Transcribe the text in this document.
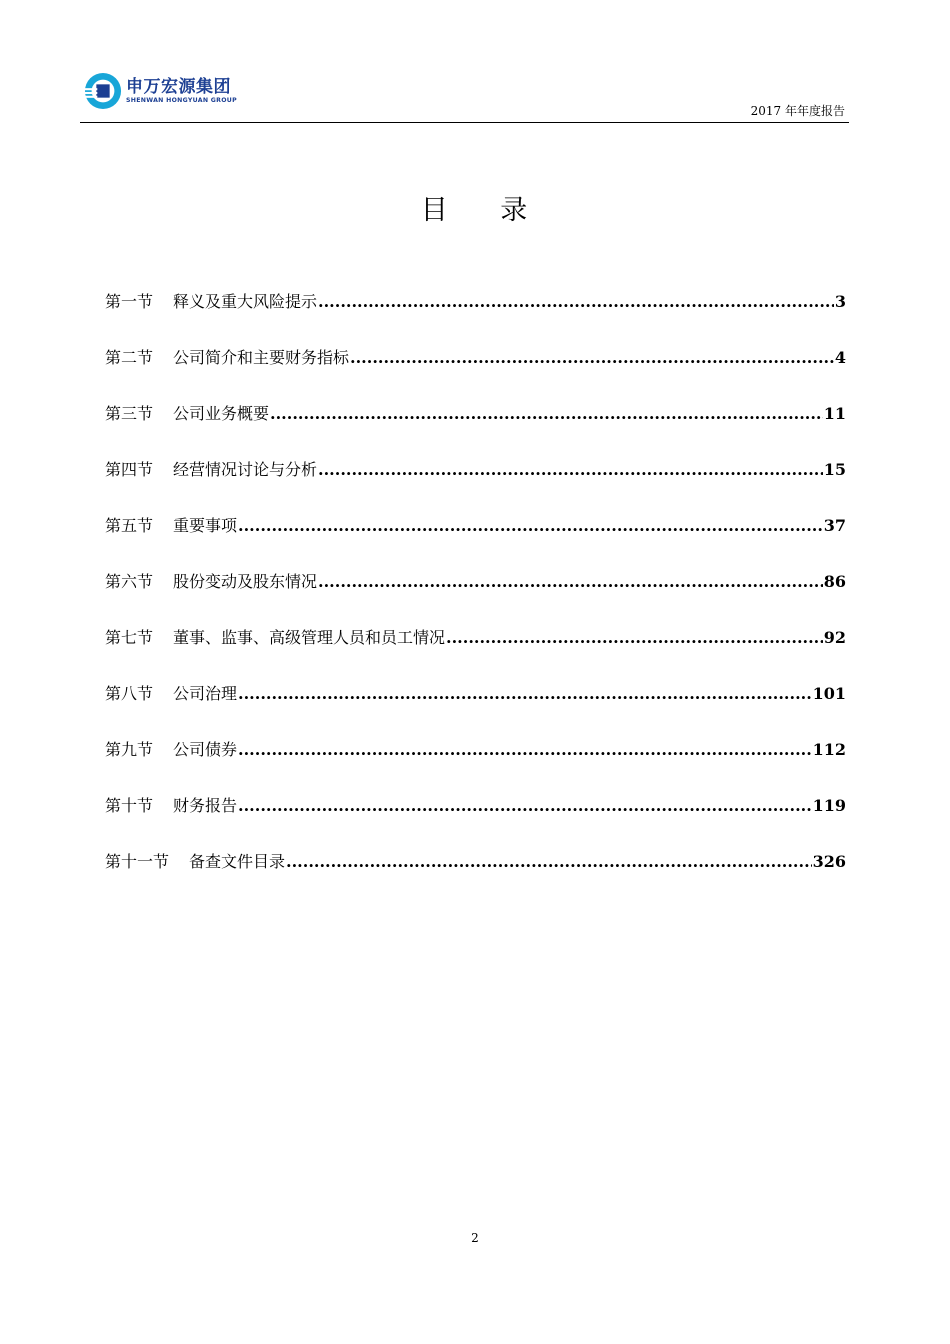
申万宏源集团
SHENWAN HONGYUAN GROUP
2017 年年度报告
目 录
第一节 释义及重大风险提示 .....	3
第二节 公司简介和主要财务指标 .....	4
第三节 公司业务概要 .....	11
第四节 经营情况讨论与分析 .....	15
第五节 重要事项 .....	37
第六节 股份变动及股东情况 .....	86
第七节 董事、监事、高级管理人员和员工情况 .....	92
第八节 公司治理 .....	101
第九节 公司债券 .....	112
第十节 财务报告 .....	119
第十一节 备查文件目录 .....	326
2
